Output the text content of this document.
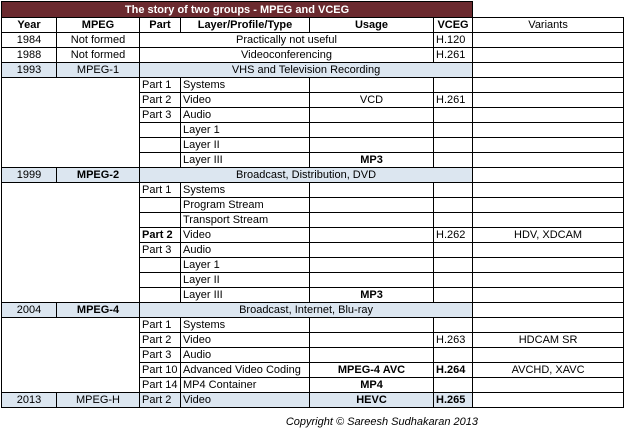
The story of two groups - MPEG and VCEG						
Year	MPEG	Part	Layer/Profile/Type	Usage	VCEG	Variants
1984	Not formed	Practically not useful			H.120	
1988	Not formed	Videoconferencing			H.261	
1993	MPEG-1	VHS and Television Recording				
		Part 1	Systems			
		Part 2	Video	VCD	H.261	
		Part 3	Audio			
			Layer 1			
			Layer II			
			Layer III	MP3		
1999	MPEG-2	Broadcast, Distribution, DVD				
		Part 1	Systems			
			Program Stream			
			Transport Stream			
		Part 2	Video		H.262	HDV, XDCAM
		Part 3	Audio			
			Layer 1			
			Layer II			
			Layer III	MP3		
2004	MPEG-4	Broadcast, Internet, Blu-ray				
		Part 1	Systems			
		Part 2	Video		H.263	HDCAM SR
		Part 3	Audio			
		Part 10	Advanced Video Coding	MPEG-4 AVC	H.264	AVCHD, XAVC
		Part 14	MP4 Container	MP4		
2013	MPEG-H	Part 2	Video	HEVC	H.265	
Copyright © Sareesh Sudhakaran 2013
